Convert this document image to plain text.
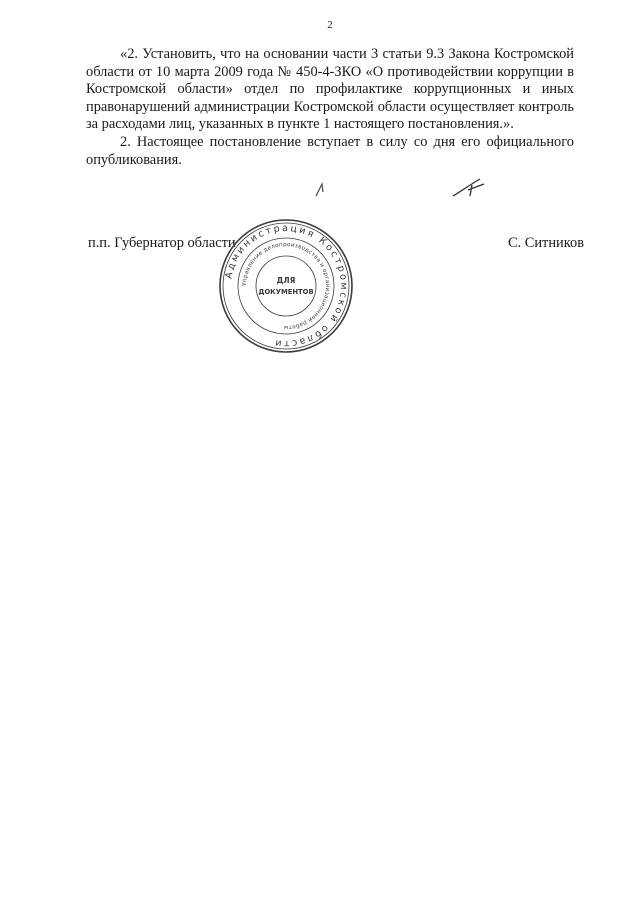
2

«2. Установить, что на основании части 3 статьи 9.3 Закона Костромской области от 10 марта 2009 года № 450-4-ЗКО «О противодействии коррупции в Костромской области» отдел по профилактике коррупционных и иных правонарушений администрации Костромской области осуществляет контроль за расходами лиц, указанных в пункте 1 настоящего постановления.».

2. Настоящее постановление вступает в силу со дня его официального опубликования.

п.п. Губернатор области	С. Ситников
Администрация Костромской области
Управление делопроизводства и организационной работы
ДЛЯ
ДОКУМЕНТОВ
